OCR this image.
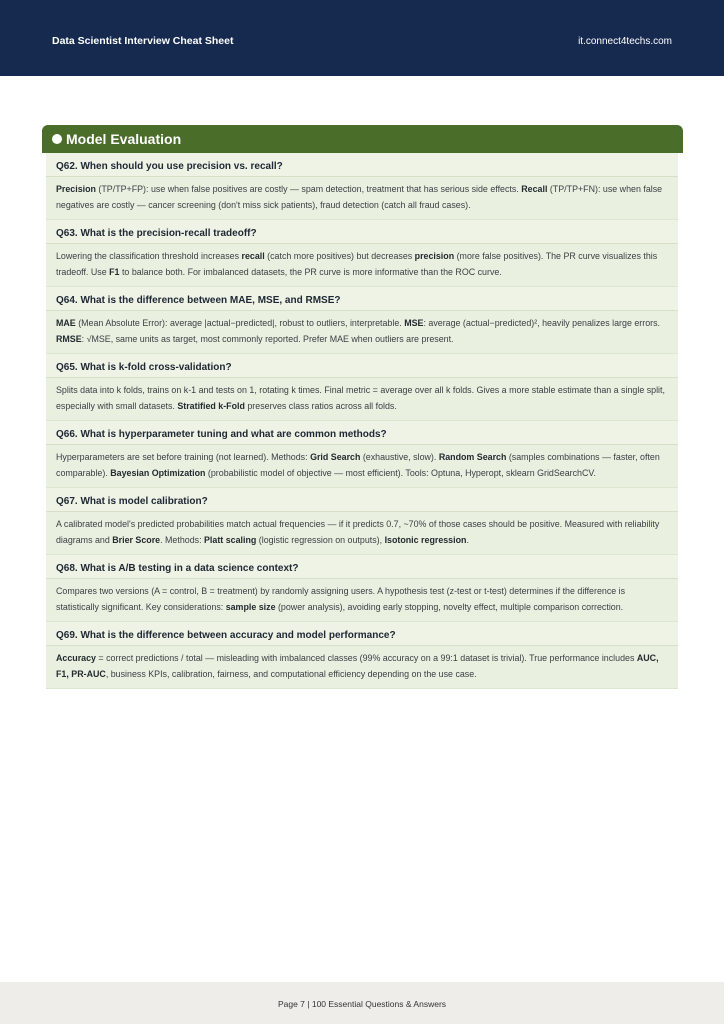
Data Scientist Interview Cheat Sheet	it.connect4techs.com
Model Evaluation
Q62. When should you use precision vs. recall?
Precision (TP/TP+FP): use when false positives are costly — spam detection, treatment that has serious side effects. Recall (TP/TP+FN): use when false negatives are costly — cancer screening (don't miss sick patients), fraud detection (catch all fraud cases).
Q63. What is the precision-recall tradeoff?
Lowering the classification threshold increases recall (catch more positives) but decreases precision (more false positives). The PR curve visualizes this tradeoff. Use F1 to balance both. For imbalanced datasets, the PR curve is more informative than the ROC curve.
Q64. What is the difference between MAE, MSE, and RMSE?
MAE (Mean Absolute Error): average |actual−predicted|, robust to outliers, interpretable. MSE: average (actual−predicted)², heavily penalizes large errors. RMSE: √MSE, same units as target, most commonly reported. Prefer MAE when outliers are present.
Q65. What is k-fold cross-validation?
Splits data into k folds, trains on k-1 and tests on 1, rotating k times. Final metric = average over all k folds. Gives a more stable estimate than a single split, especially with small datasets. Stratified k-Fold preserves class ratios across all folds.
Q66. What is hyperparameter tuning and what are common methods?
Hyperparameters are set before training (not learned). Methods: Grid Search (exhaustive, slow). Random Search (samples combinations — faster, often comparable). Bayesian Optimization (probabilistic model of objective — most efficient). Tools: Optuna, Hyperopt, sklearn GridSearchCV.
Q67. What is model calibration?
A calibrated model's predicted probabilities match actual frequencies — if it predicts 0.7, ~70% of those cases should be positive. Measured with reliability diagrams and Brier Score. Methods: Platt scaling (logistic regression on outputs), Isotonic regression.
Q68. What is A/B testing in a data science context?
Compares two versions (A = control, B = treatment) by randomly assigning users. A hypothesis test (z-test or t-test) determines if the difference is statistically significant. Key considerations: sample size (power analysis), avoiding early stopping, novelty effect, multiple comparison correction.
Q69. What is the difference between accuracy and model performance?
Accuracy = correct predictions / total — misleading with imbalanced classes (99% accuracy on a 99:1 dataset is trivial). True performance includes AUC, F1, PR-AUC, business KPIs, calibration, fairness, and computational efficiency depending on the use case.
Page 7 | 100 Essential Questions & Answers
